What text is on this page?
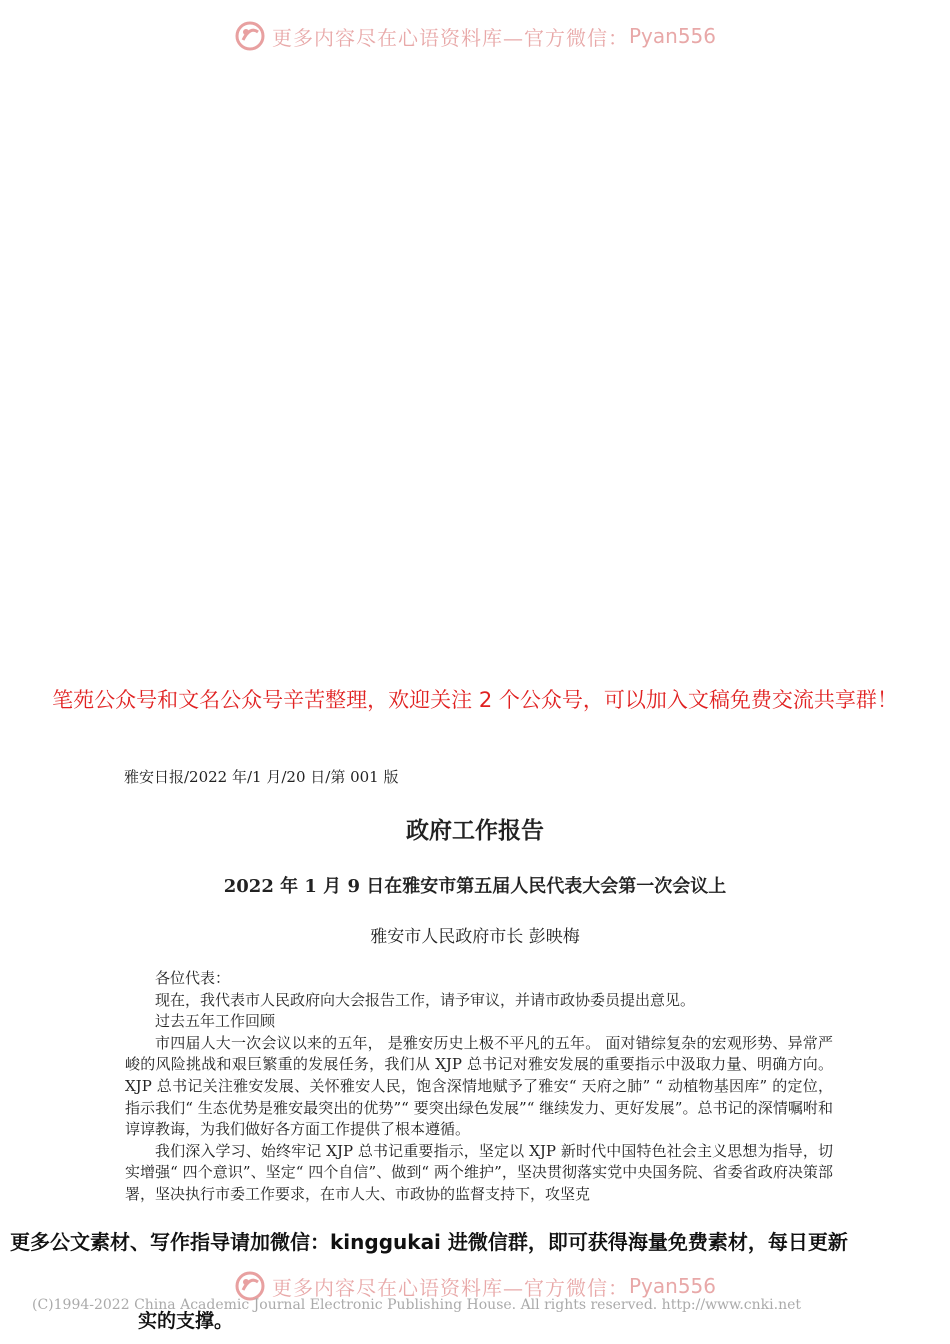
更多内容尽在心语资料库—官方微信： Pyan556
笔苑公众号和文名公众号辛苦整理，欢迎关注 2 个公众号，可以加入文稿免费交流共享群！
雅安日报/2022 年/1 月/20 日/第 001 版
政府工作报告
2022 年 1 月 9 日在雅安市第五届人民代表大会第一次会议上
雅安市人民政府市长 彭映梅

各位代表：

现在，我代表市人民政府向大会报告工作，请予审议，并请市政协委员提出意见。

过去五年工作回顾

市四届人大一次会议以来的五年， 是雅安历史上极不平凡的五年。 面对错综复杂的宏观形势、异常严峻的风险挑战和艰巨繁重的发展任务，我们从 XJP 总书记对雅安发展的重要指示中汲取力量、明确方向。XJP 总书记关注雅安发展、关怀雅安人民，饱含深情地赋予了雅安“ 天府之肺” “ 动植物基因库” 的定位，指示我们“ 生态优势是雅安最突出的优势”“ 要突出绿色发展”“ 继续发力、更好发展”。总书记的深情嘱咐和谆谆教诲，为我们做好各方面工作提供了根本遵循。

我们深入学习、始终牢记 XJP 总书记重要指示，坚定以 XJP 新时代中国特色社会主义思想为指导，切实增强“ 四个意识”、坚定“ 四个自信”、做到“ 两个维护”，坚决贯彻落实党中央国务院、省委省政府决策部署，坚决执行市委工作要求，在市人大、市政协的监督支持下，攻坚克

更多公文素材、写作指导请加微信：kinggukai 进微信群，即可获得海量免费素材，每日更新
更多内容尽在心语资料库—官方微信： Pyan556
(C)1994-2022 China Academic Journal Electronic Publishing House. All rights reserved. http://www.cnki.net
实的支撑。
